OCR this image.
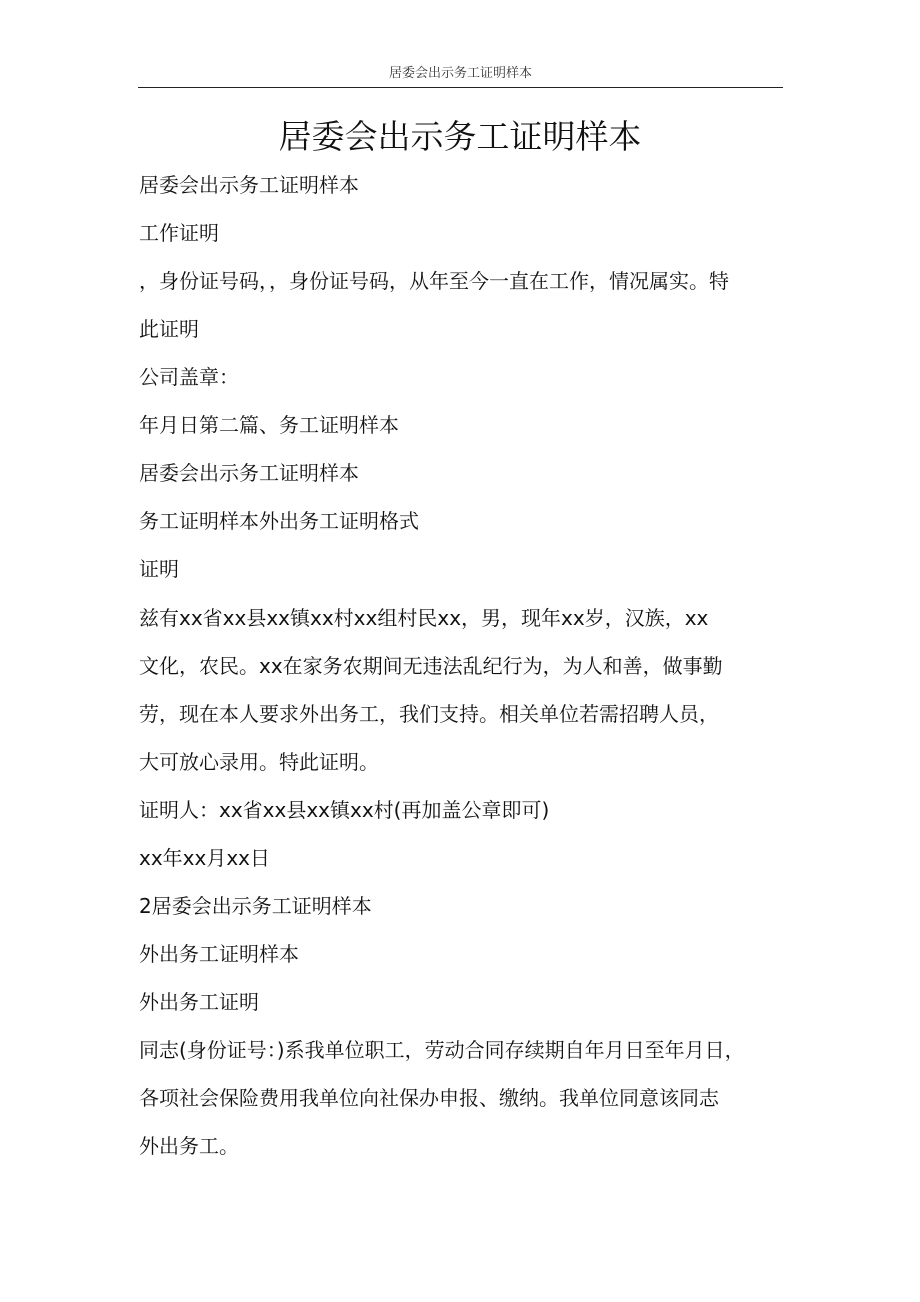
居委会出示务工证明样本
居委会出示务工证明样本
居委会出示务工证明样本
工作证明
，身份证号码，，身份证号码，从年至今一直在工作，情况属实。特
此证明
公司盖章：
年月日第二篇、务工证明样本
居委会出示务工证明样本
务工证明样本外出务工证明格式
证明
兹有xx省xx县xx镇xx村xx组村民xx，男，现年xx岁，汉族，xx
文化，农民。xx在家务农期间无违法乱纪行为，为人和善，做事勤
劳，现在本人要求外出务工，我们支持。相关单位若需招聘人员，
大可放心录用。特此证明。
证明人：xx省xx县xx镇xx村(再加盖公章即可)
xx年xx月xx日
2居委会出示务工证明样本
外出务工证明样本
外出务工证明
同志(身份证号：)系我单位职工，劳动合同存续期自年月日至年月日，
各项社会保险费用我单位向社保办申报、缴纳。我单位同意该同志
外出务工。
